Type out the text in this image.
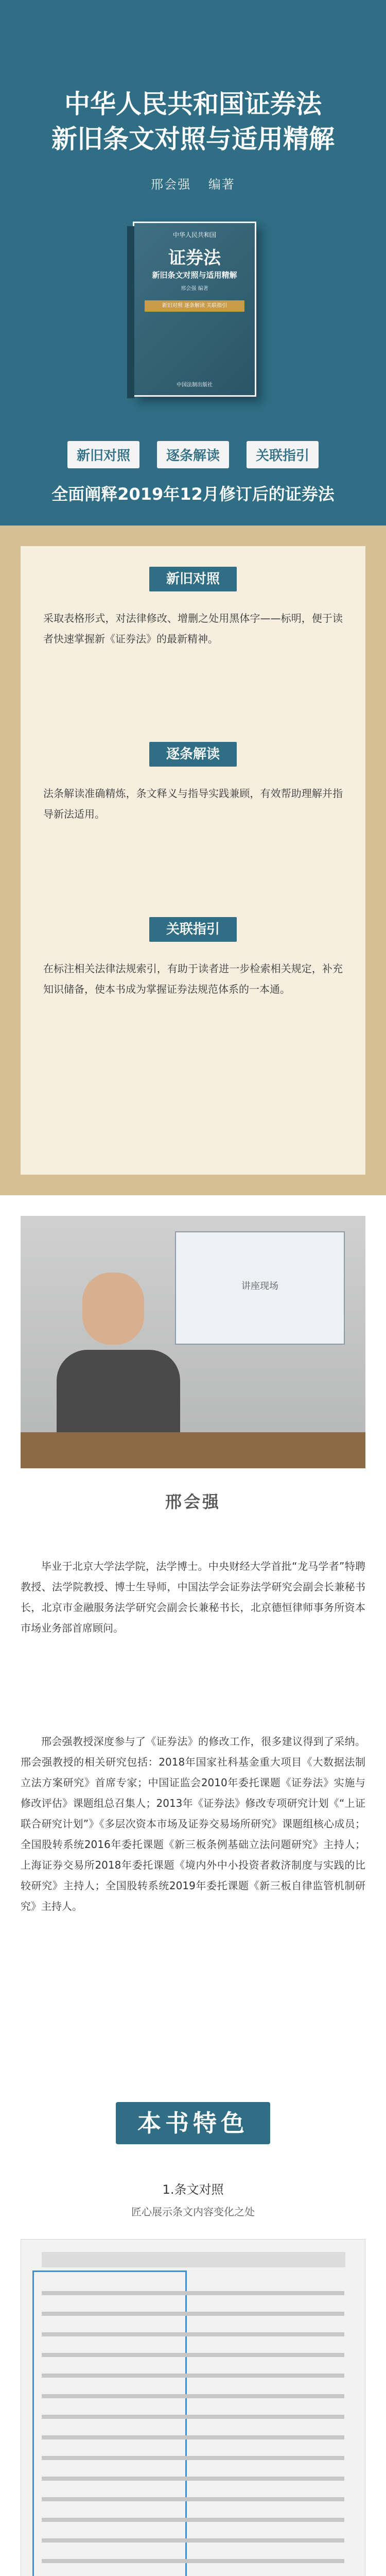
中华人民共和国证券法
新旧条文对照与适用精解
邢会强 编著
中华人民共和国
证券法
新旧条文对照与适用精解
邢会强 编著
新旧对照 逐条解读 关联指引
中国法制出版社
新旧对照	逐条解读	关联指引
全面阐释2019年12月修订后的证券法
新旧对照
采取表格形式，对法律修改、增删之处用黑体字——标明，便于读者快速掌握新《证券法》的最新精神。
逐条解读
法条解读准确精炼，条文释义与指导实践兼顾，有效帮助理解并指导新法适用。
关联指引
在标注相关法律法规索引，有助于读者进一步检索相关规定，补充知识储备，使本书成为掌握证券法规范体系的一本通。
讲座现场
邢会强

毕业于北京大学法学院，法学博士。中央财经大学首批“龙马学者”特聘教授、法学院教授、博士生导师，中国法学会证券法学研究会副会长兼秘书长，北京市金融服务法学研究会副会长兼秘书长，北京德恒律师事务所资本市场业务部首席顾问。

邢会强教授深度参与了《证券法》的修改工作，很多建议得到了采纳。邢会强教授的相关研究包括：2018年国家社科基金重大项目《大数据法制立法方案研究》首席专家；中国证监会2010年委托课题《证券法》实施与修改评估》课题组总召集人；2013年《证券法》修改专项研究计划《“上证联合研究计划”》《多层次资本市场及证券交易场所研究》课题组核心成员；全国股转系统2016年委托课题《新三板条例基础立法问题研究》主持人；上海证券交易所2018年委托课题《境内外中小投资者救济制度与实践的比较研究》主持人；全国股转系统2019年委托课题《新三板自律监管机制研究》主持人。

本书特色
1.条文对照
匠心展示条文内容变化之处
